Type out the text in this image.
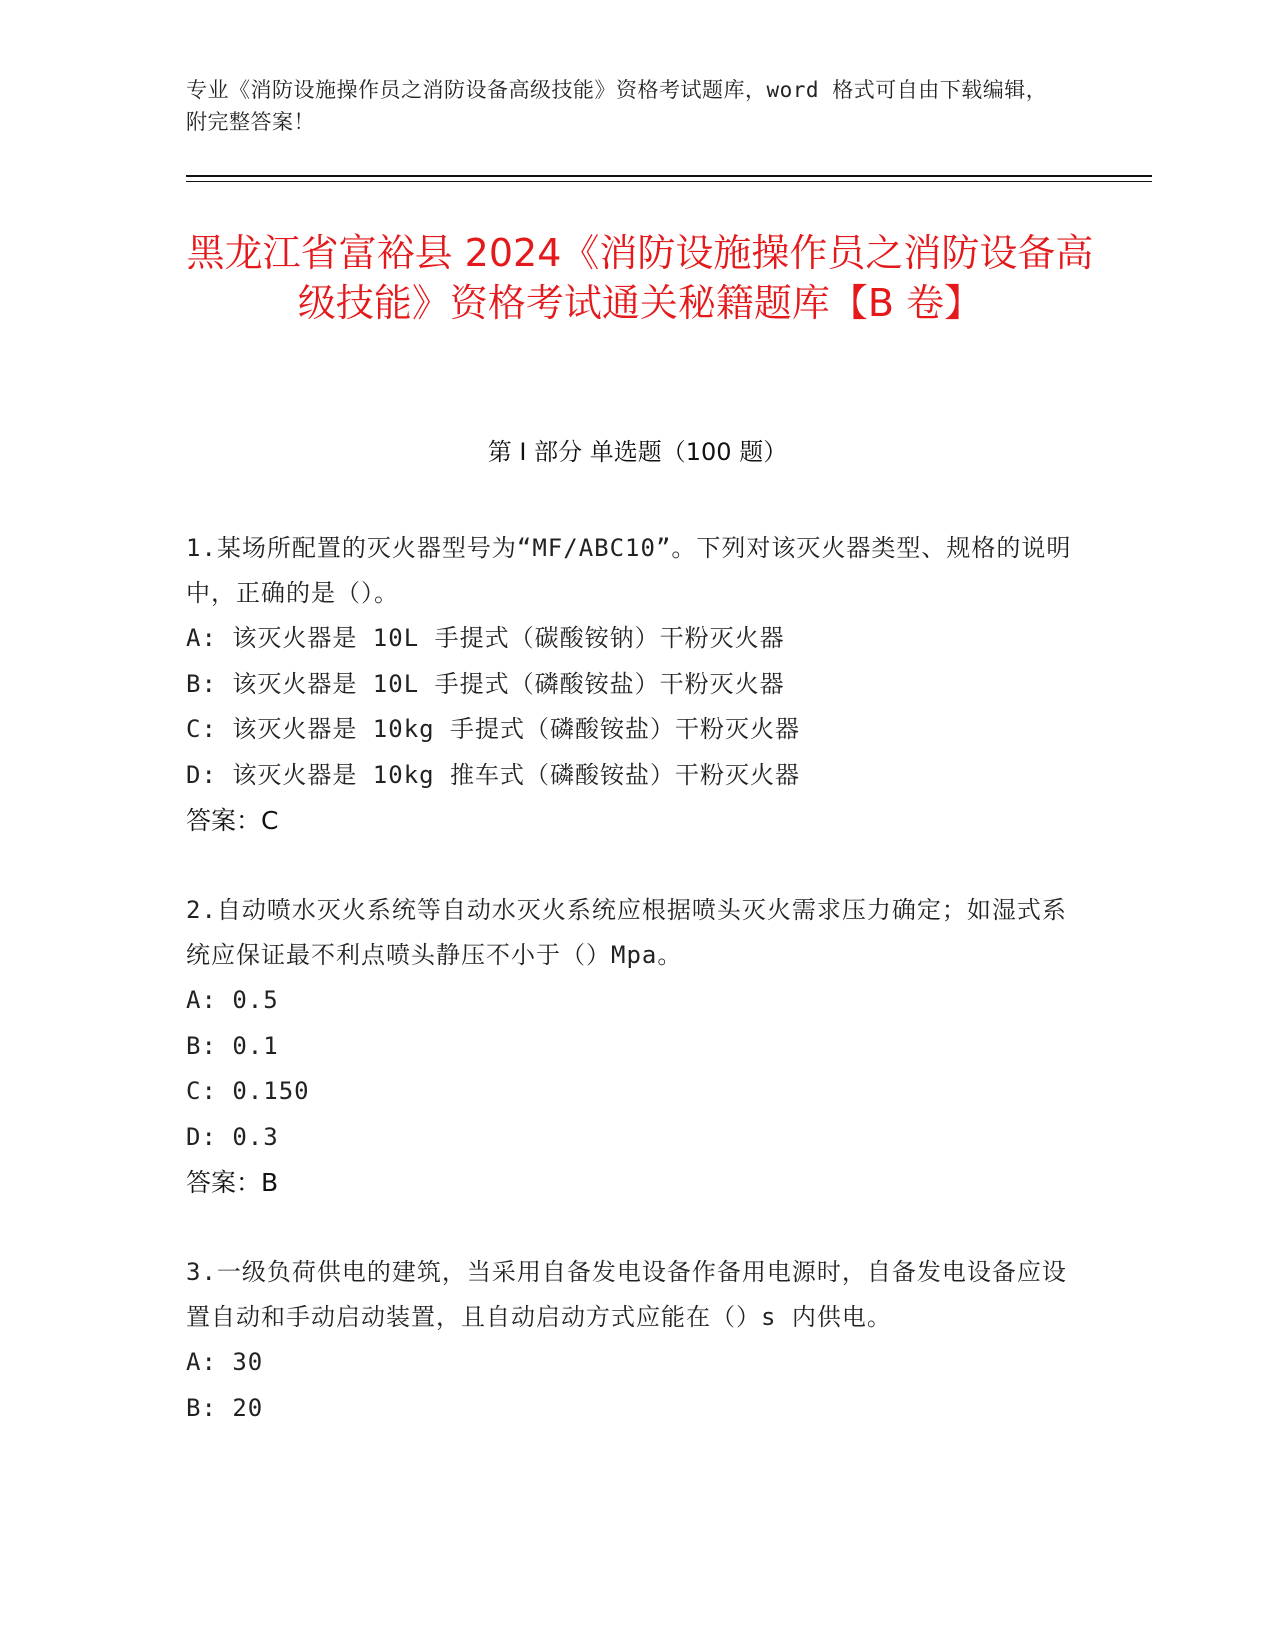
专业《消防设施操作员之消防设备高级技能》资格考试题库，word 格式可自由下载编辑，附完整答案！
黑龙江省富裕县 2024《消防设施操作员之消防设备高级技能》资格考试通关秘籍题库【B 卷】
第 I 部分 单选题（100 题）
1.某场所配置的灭火器型号为“MF/ABC10”。下列对该灭火器类型、规格的说明中，正确的是（）。
A: 该灭火器是 10L 手提式（碳酸铵钠）干粉灭火器
B: 该灭火器是 10L 手提式（磷酸铵盐）干粉灭火器
C: 该灭火器是 10kg 手提式（磷酸铵盐）干粉灭火器
D: 该灭火器是 10kg 推车式（磷酸铵盐）干粉灭火器
答案：C
2.自动喷水灭火系统等自动水灭火系统应根据喷头灭火需求压力确定；如湿式系统应保证最不利点喷头静压不小于（）Mpa。
A: 0.5
B: 0.1
C: 0.150
D: 0.3
答案：B
3.一级负荷供电的建筑，当采用自备发电设备作备用电源时，自备发电设备应设置自动和手动启动装置，且自动启动方式应能在（）s 内供电。
A: 30
B: 20
